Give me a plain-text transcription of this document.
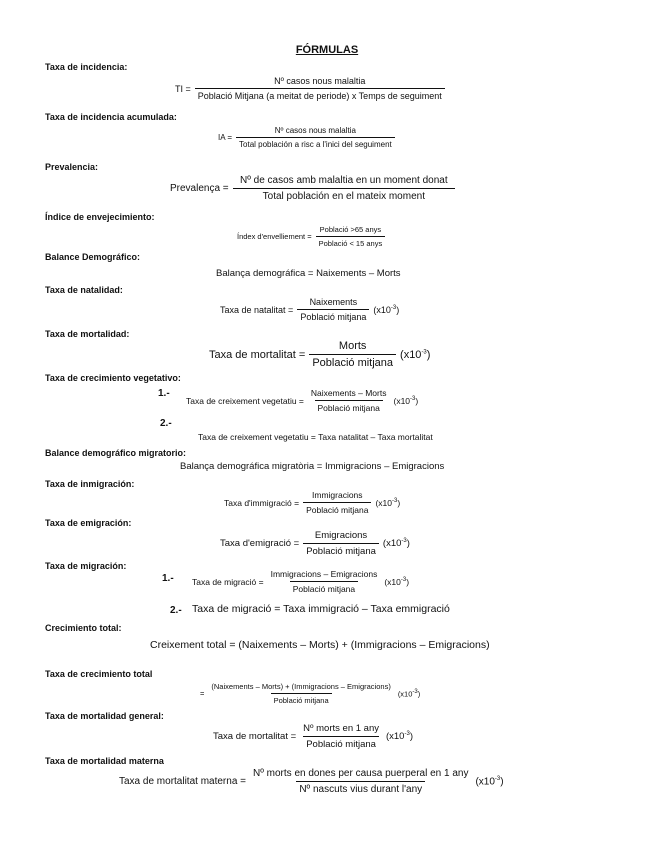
FÓRMULAS
Taxa de incidencia:
TI =
Nº casos nous malaltia
Població Mitjana (a meitat de periode) x Temps de seguiment
Taxa de incidencia acumulada:
IA =
Nº casos nous malaltia
Total población a risc a l'inici del seguiment
Prevalencia:
Prevalença =
Nº de casos amb malaltia en un moment donat
Total población en el mateix moment
Índice de envejecimiento:
Índex d'envelliement =
Població >65 anys
Població < 15 anys
Balance Demográfico:
Balança demográfica = Naixements – Morts
Taxa de natalidad:
Taxa de natalitat =
Naixements
Població mitjana
$(x10^{-3})$
Taxa de mortalidad:
Taxa de mortalitat =
Morts
Població mitjana
$(x10^{-3})$
Taxa de crecimiento vegetativo:
1.-
Taxa de creixement vegetatiu =
Naixements – Morts
Població mitjana
$(x10^{-3})$
2.-
Taxa de creixement vegetatiu = Taxa natalitat – Taxa mortalitat
Balance demográfico migratorio:
Balança demográfica migratòria = Immigracions – Emigracions
Taxa de inmigración:
Taxa d'immigració =
Immigracions
Població mitjana
$(x10^{-3})$
Taxa de emigración:
Taxa d'emigració =
Emigracions
Població mitjana
$(x10^{-3})$
Taxa de migración:
1.- Taxa de migració =
Immigracions – Emigracions
Població mitjana
$(x10^{-3})$
2.- Taxa de migració = Taxa immigració – Taxa emmigració
Crecimiento total:
Creixement total = (Naixements – Morts) + (Immigracions – Emigracions)
Taxa de crecimiento total
=
(Naixements – Morts) + (Immigracions – Emigracions)
Població mitjana
$(x10^{-3})$
Taxa de mortalidad general:
Taxa de mortalitat =
Nº morts en 1 any
Població mitjana
$(x10^{-3})$
Taxa de mortalidad materna
Taxa de mortalitat materna =
Nº morts en dones per causa puerperal en 1 any
Nº nascuts vius durant l'any
$(x10^{-3})$
